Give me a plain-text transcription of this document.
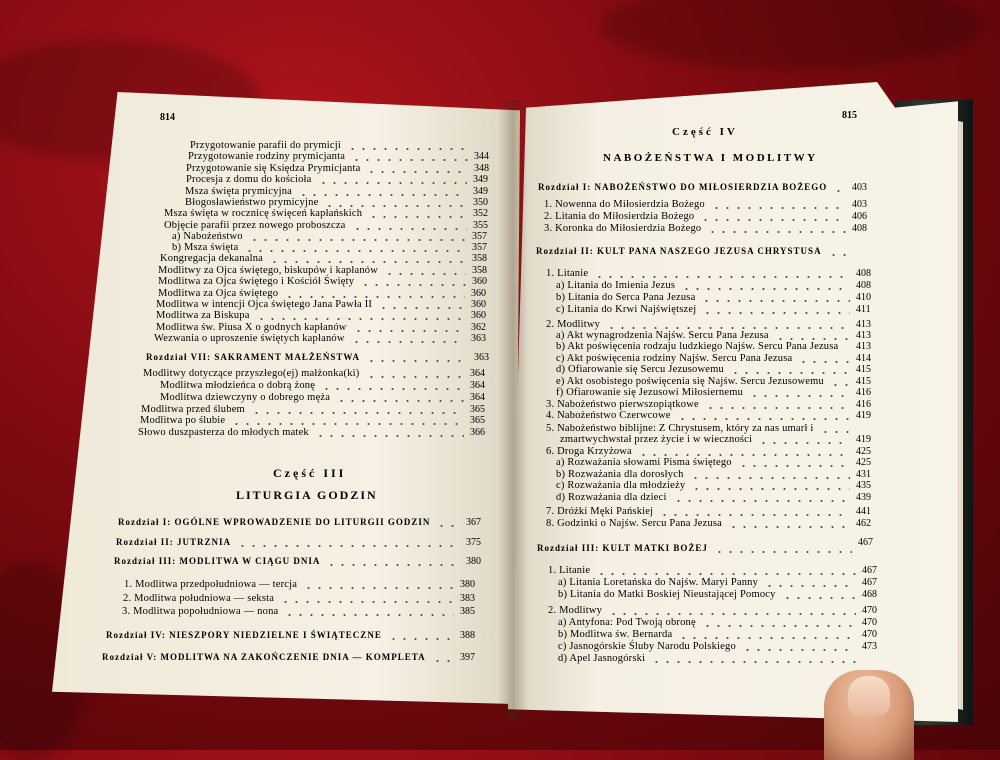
814
Przygotowanie parafii do prymicji
Przygotowanie rodziny prymicjanta	344
Przygotowanie się Księdza Prymicjanta	348
Procesja z domu do kościoła	349
Msza święta prymicyjna	349
Błogosławieństwo prymicyjne	350
Msza święta w rocznicę święceń kapłańskich	352
Objęcie parafii przez nowego proboszcza	355
a) Nabożeństwo	357
b) Msza święta	357
Kongregacja dekanalna	358
Modlitwy za Ojca świętego, biskupów i kapłanów	358
Modlitwa za Ojca świętego i Kościół Święty	360
Modlitwa za Ojca świętego	360
Modlitwa w intencji Ojca świętego Jana Pawła II	360
Modlitwa za Biskupa	360
Modlitwa św. Piusa X o godnych kapłanów	362
Wezwania o uproszenie świętych kapłanów	363
Rozdział VII: SAKRAMENT MAŁŻEŃSTWA	363
Modlitwy dotyczące przyszłego(ej) małżonka(ki)	364
Modlitwa młodzieńca o dobrą żonę	364
Modlitwa dziewczyny o dobrego męża	364
Modlitwa przed ślubem	365
Modlitwa po ślubie	365
Słowo duszpasterza do młodych matek	366
Część III
LITURGIA GODZIN
Rozdział I: OGÓLNE WPROWADZENIE DO LITURGII GODZIN	367
Rozdział II: JUTRZNIA	375
Rozdział III: MODLITWA W CIĄGU DNIA	380
1. Modlitwa przedpołudniowa — tercja	380
2. Modlitwa południowa — seksta	383
3. Modlitwa popołudniowa — nona	385
Rozdział IV: NIESZPORY NIEDZIELNE I ŚWIĄTECZNE	388
Rozdział V: MODLITWA NA ZAKOŃCZENIE DNIA — KOMPLETA	397
815
Część IV
NABOŻEŃSTWA I MODLITWY
Rozdział I: NABOŻEŃSTWO DO MIŁOSIERDZIA BOŻEGO 403
1. Nowenna do Miłosierdzia Bożego	403
2. Litania do Miłosierdzia Bożego	406
3. Koronka do Miłosierdzia Bożego	408
Rozdział II: KULT PANA NASZEGO JEZUSA CHRYSTUSA
1. Litanie	408
a) Litania do Imienia Jezus	408
b) Litania do Serca Pana Jezusa	410
c) Litania do Krwi Najświętszej	411
2. Modlitwy	413
a) Akt wynagrodzenia Najśw. Sercu Pana Jezusa	413
b) Akt poświęcenia rodzaju ludzkiego Najśw. Sercu Pana Jezusa 413
c) Akt poświęcenia rodziny Najśw. Sercu Pana Jezusa	414
d) Ofiarowanie się Sercu Jezusowemu	415
e) Akt osobistego poświęcenia się Najśw. Sercu Jezusowemu	415
f) Ofiarowanie się Jezusowi Miłosiernemu	416
3. Nabożeństwo pierwszopiątkowe	416
4. Nabożeństwo Czerwcowe	419
5. Nabożeństwo biblijne: Z Chrystusem, który za nas umarł i
zmartwychwstał przez życie i w wieczności	419
6. Droga Krzyżowa	425
a) Rozważania słowami Pisma świętego	425
b) Rozważania dla dorosłych	431
c) Rozważania dla młodzieży	435
d) Rozważania dla dzieci	439
7. Dróżki Męki Pańskiej	441
8. Godzinki o Najśw. Sercu Pana Jezusa	462
Rozdział III: KULT MATKI BOŻEJ	467
1. Litanie	467
a) Litania Loretańska do Najśw. Maryi Panny	467
b) Litania do Matki Boskiej Nieustającej Pomocy	468
2. Modlitwy	470
a) Antyfona: Pod Twoją obronę	470
b) Modlitwa św. Bernarda	470
c) Jasnogórskie Śluby Narodu Polskiego	473
d) Apel Jasnogórski
